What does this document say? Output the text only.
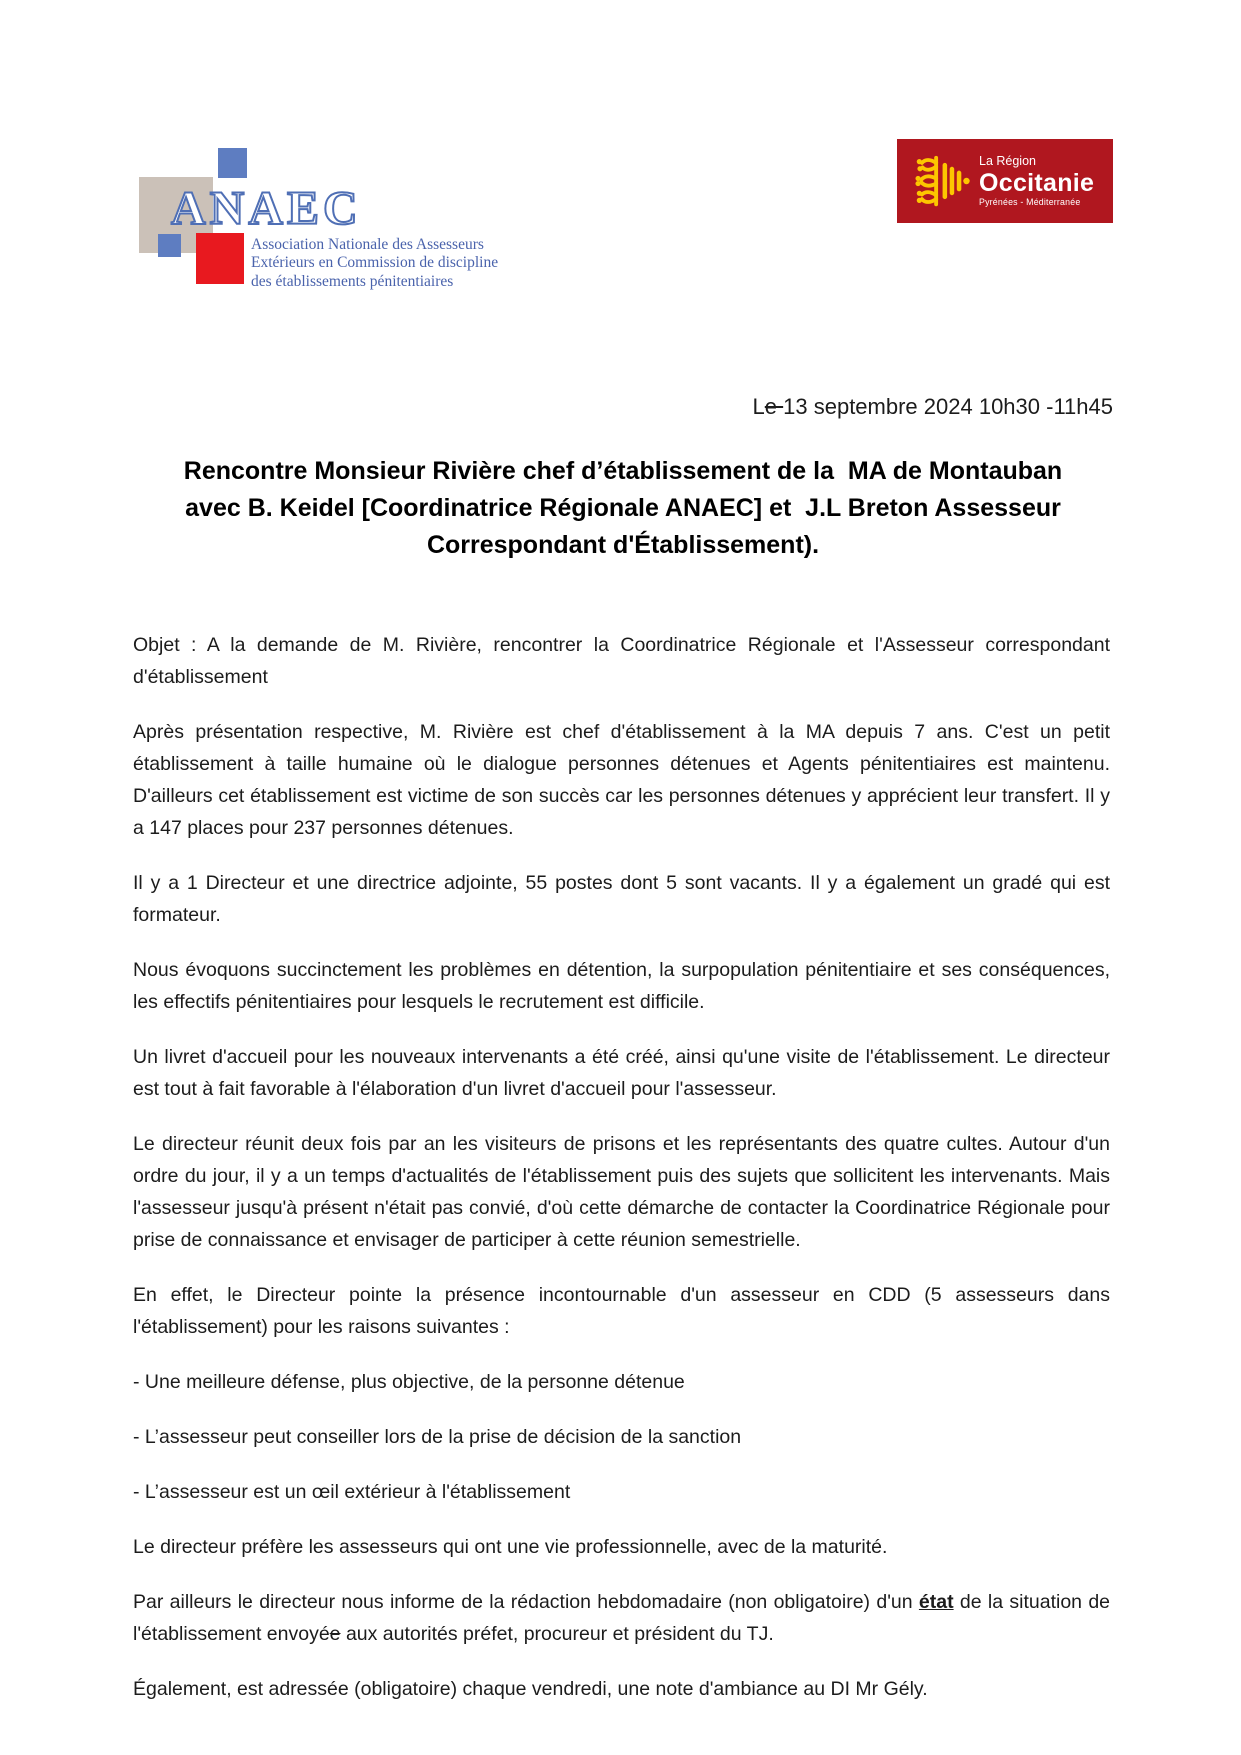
ANAEC
Association Nationale des Assesseurs
Extérieurs en Commission de discipline
des établissements pénitentiaires
La Région
Occitanie
Pyrénées - Méditerranée
Le 13 septembre 2024 10h30 -11h45
Rencontre Monsieur Rivière chef d’établissement de la  MA de Montauban
avec B. Keidel [Coordinatrice Régionale ANAEC] et  J.L Breton Assesseur
Correspondant d'Établissement).

Objet : A la demande de M. Rivière, rencontrer la Coordinatrice Régionale et l'Assesseur correspondant d'établissement

Après présentation respective, M. Rivière est chef d'établissement à la MA depuis 7 ans. C'est un petit établissement à taille humaine où le dialogue personnes détenues et Agents pénitentiaires est maintenu. D'ailleurs cet établissement est victime de son succès car les personnes détenues y apprécient leur transfert. Il y a 147 places pour 237 personnes détenues.

Il y a 1 Directeur et une directrice adjointe, 55 postes dont 5 sont vacants. Il y a également un gradé qui est formateur.

Nous évoquons succinctement les problèmes en détention, la surpopulation pénitentiaire et ses conséquences, les effectifs pénitentiaires pour lesquels le recrutement est difficile.

Un livret d'accueil pour les nouveaux intervenants a été créé, ainsi qu'une visite de l'établissement. Le directeur est tout à fait favorable à l'élaboration d'un livret d'accueil pour l'assesseur.

Le directeur réunit deux fois par an les visiteurs de prisons et les représentants des quatre cultes. Autour d'un ordre du jour, il y a un temps d'actualités de l'établissement puis des sujets que sollicitent les intervenants. Mais l'assesseur jusqu'à présent n'était pas convié, d'où cette démarche de contacter la Coordinatrice Régionale pour prise de connaissance et envisager de participer à cette réunion semestrielle.

En effet, le Directeur pointe la présence incontournable d'un assesseur en CDD (5 assesseurs dans l'établissement) pour les raisons suivantes :

- Une meilleure défense, plus objective, de la personne détenue

- L’assesseur peut conseiller lors de la prise de décision de la sanction

- L’assesseur est un œil extérieur à l'établissement

Le directeur préfère les assesseurs qui ont une vie professionnelle, avec de la maturité.

Par ailleurs le directeur nous informe de la rédaction hebdomadaire (non obligatoire) d'un état de la situation de l'établissement envoyée aux autorités préfet, procureur et président du TJ.

Également, est adressée (obligatoire) chaque vendredi, une note d'ambiance au DI Mr Gély.
